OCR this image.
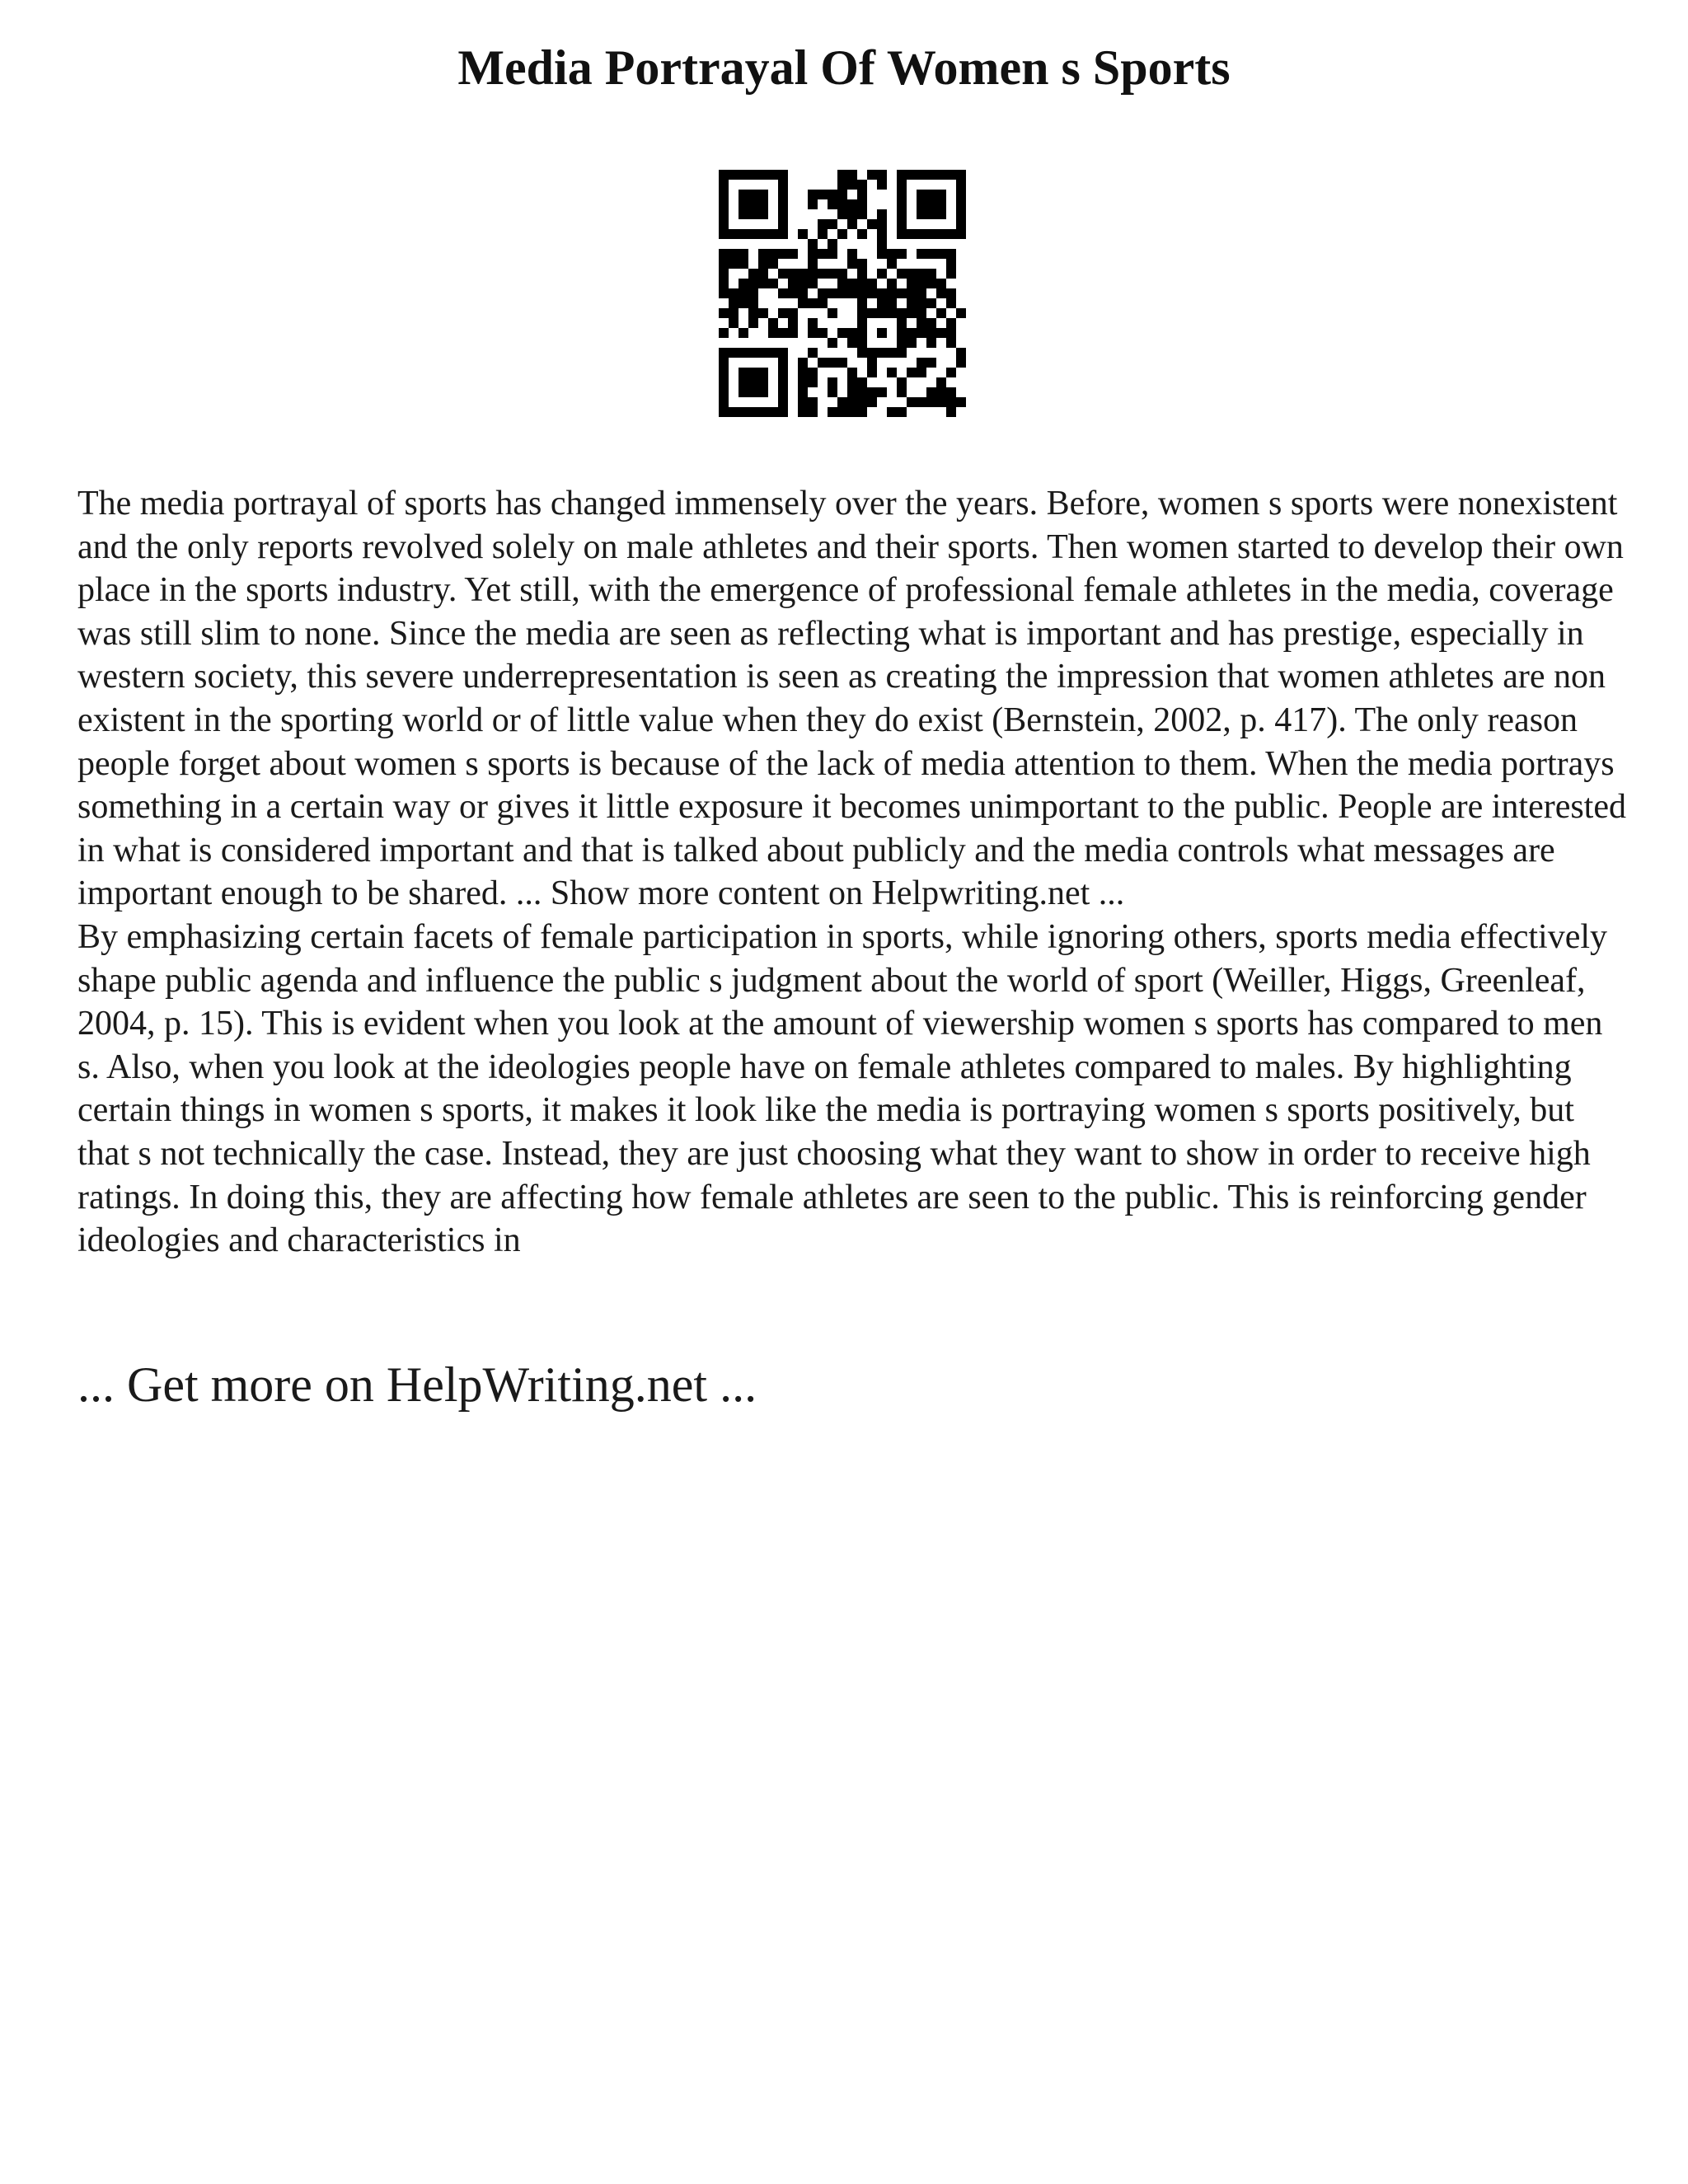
Media Portrayal Of Women s Sports

The media portrayal of sports has changed immensely over the years. Before, women s sports were nonexistent and the only reports revolved solely on male athletes and their sports. Then women started to develop their own place in the sports industry. Yet still, with the emergence of professional female athletes in the media, coverage was still slim to none. Since the media are seen as reflecting what is important and has prestige, especially in western society, this severe underrepresentation is seen as creating the impression that women athletes are non existent in the sporting world or of little value when they do exist (Bernstein, 2002, p. 417). The only reason people forget about women s sports is because of the lack of media attention to them. When the media portrays something in a certain way or gives it little exposure it becomes unimportant to the public. People are interested in what is considered important and that is talked about publicly and the media controls what messages are important enough to be shared. ... Show more content on Helpwriting.net ...

By emphasizing certain facets of female participation in sports, while ignoring others, sports media effectively shape public agenda and influence the public s judgment about the world of sport (Weiller, Higgs, Greenleaf, 2004, p. 15). This is evident when you look at the amount of viewership women s sports has compared to men s. Also, when you look at the ideologies people have on female athletes compared to males. By highlighting certain things in women s sports, it makes it look like the media is portraying women s sports positively, but that s not technically the case. Instead, they are just choosing what they want to show in order to receive high ratings. In doing this, they are affecting how female athletes are seen to the public. This is reinforcing gender ideologies and characteristics in

... Get more on HelpWriting.net ...
